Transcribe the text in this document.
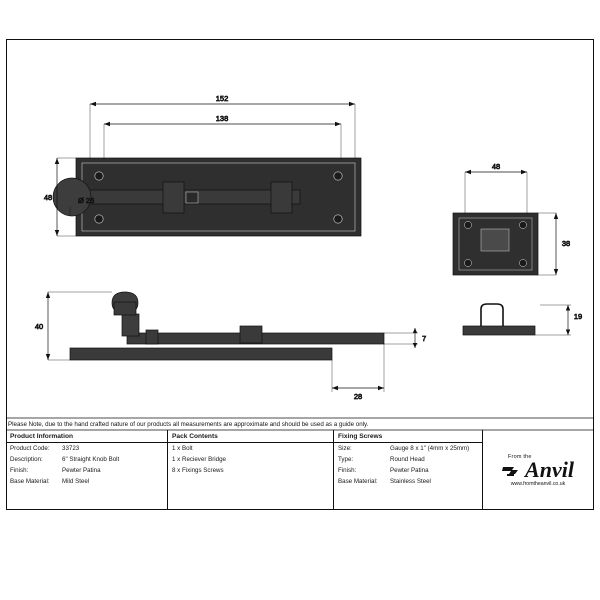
152
138
48	Ø 26
48
38
40
7
28
19
Please Note, due to the hand crafted nature of our products all measurements are approximate and should be used as a guide only.
Product Information
Product Code:	33723
Description:	6" Straight Knob Bolt
Finish:	Pewter Patina
Base Material:	Mild Steel
Pack Contents
1 x Bolt
1 x Reciever Bridge
8 x Fixings Screws
Fixing Screws
Size:	Gauge 8 x 1" (4mm x 25mm)
Type:	Round Head
Finish:	Pewter Patina
Base Material:	Stainless Steel
From the
Anvil
www.fromtheanvil.co.uk
